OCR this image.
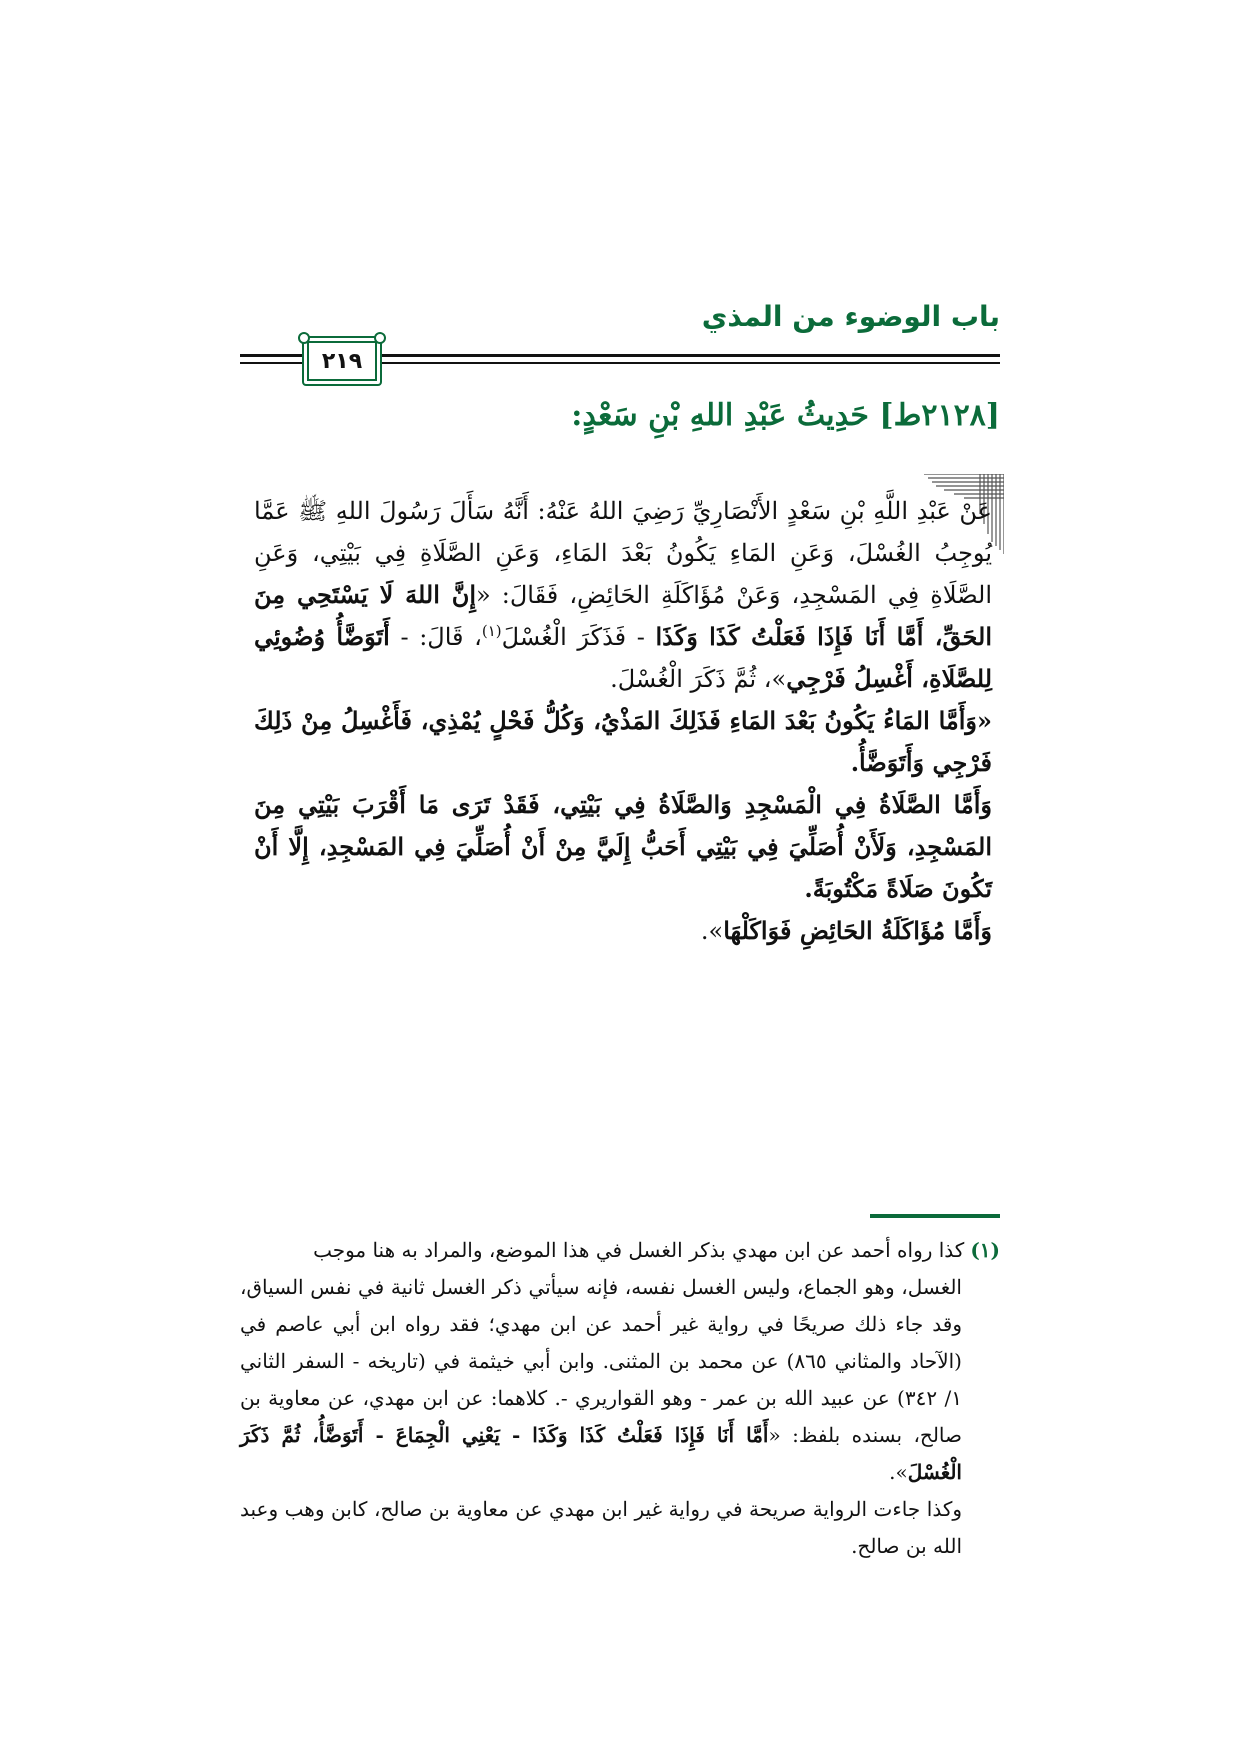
باب الوضوء من المذي
٢١٩
[٢١٢٨ط] حَدِيثُ عَبْدِ اللهِ بْنِ سَعْدٍ:

عَنْ عَبْدِ اللَّهِ بْنِ سَعْدٍ الأَنْصَارِيِّ رَضِيَ اللهُ عَنْهُ: أَنَّهُ سَأَلَ رَسُولَ اللهِ ﷺ عَمَّا يُوجِبُ الغُسْلَ، وَعَنِ المَاءِ يَكُونُ بَعْدَ المَاءِ، وَعَنِ الصَّلَاةِ فِي بَيْتِي، وَعَنِ الصَّلَاةِ فِي المَسْجِدِ، وَعَنْ مُؤَاكَلَةِ الحَائِضِ، فَقَالَ: «إِنَّ اللهَ لَا يَسْتَحِي مِنَ الحَقِّ، أَمَّا أَنَا فَإِذَا فَعَلْتُ كَذَا وَكَذَا - فَذَكَرَ الْغُسْلَ$^{(١)}$، قَالَ: - أَتَوَضَّأُ وُضُوئِي لِلصَّلَاةِ، أَغْسِلُ فَرْجِي»، ثُمَّ ذَكَرَ الْغُسْلَ.

«وَأَمَّا المَاءُ يَكُونُ بَعْدَ المَاءِ فَذَلِكَ المَذْيُ، وَكُلُّ فَحْلٍ يُمْذِي، فَأَغْسِلُ مِنْ ذَلِكَ فَرْجِي وَأَتَوَضَّأُ.

وَأَمَّا الصَّلَاةُ فِي الْمَسْجِدِ وَالصَّلَاةُ فِي بَيْتِي، فَقَدْ تَرَى مَا أَقْرَبَ بَيْتِي مِنَ المَسْجِدِ، وَلَأَنْ أُصَلِّيَ فِي بَيْتِي أَحَبُّ إِلَيَّ مِنْ أَنْ أُصَلِّيَ فِي المَسْجِدِ، إِلَّا أَنْ تَكُونَ صَلَاةً مَكْتُوبَةً.

وَأَمَّا مُؤَاكَلَةُ الحَائِضِ فَوَاكَلْهَا».

(١)كذا رواه أحمد عن ابن مهدي بذكر الغسل في هذا الموضع، والمراد به هنا موجب
الغسل، وهو الجماع، وليس الغسل نفسه، فإنه سيأتي ذكر الغسل ثانية في نفس السياق، وقد جاء ذلك صريحًا في رواية غير أحمد عن ابن مهدي؛ فقد رواه ابن أبي عاصم في (الآحاد والمثاني ٨٦٥) عن محمد بن المثنى. وابن أبي خيثمة في (تاريخه - السفر الثاني ١/ ٣٤٢) عن عبيد الله بن عمر - وهو القواريري -. كلاهما: عن ابن مهدي، عن معاوية بن صالح، بسنده بلفظ: «أَمَّا أَنَا فَإِذَا فَعَلْتُ كَذَا وَكَذَا - يَعْنِي الْجِمَاعَ - أَتَوَضَّأُ، ثُمَّ ذَكَرَ الْغُسْلَ».
وكذا جاءت الرواية صريحة في رواية غير ابن مهدي عن معاوية بن صالح، كابن وهب وعبد الله بن صالح.
